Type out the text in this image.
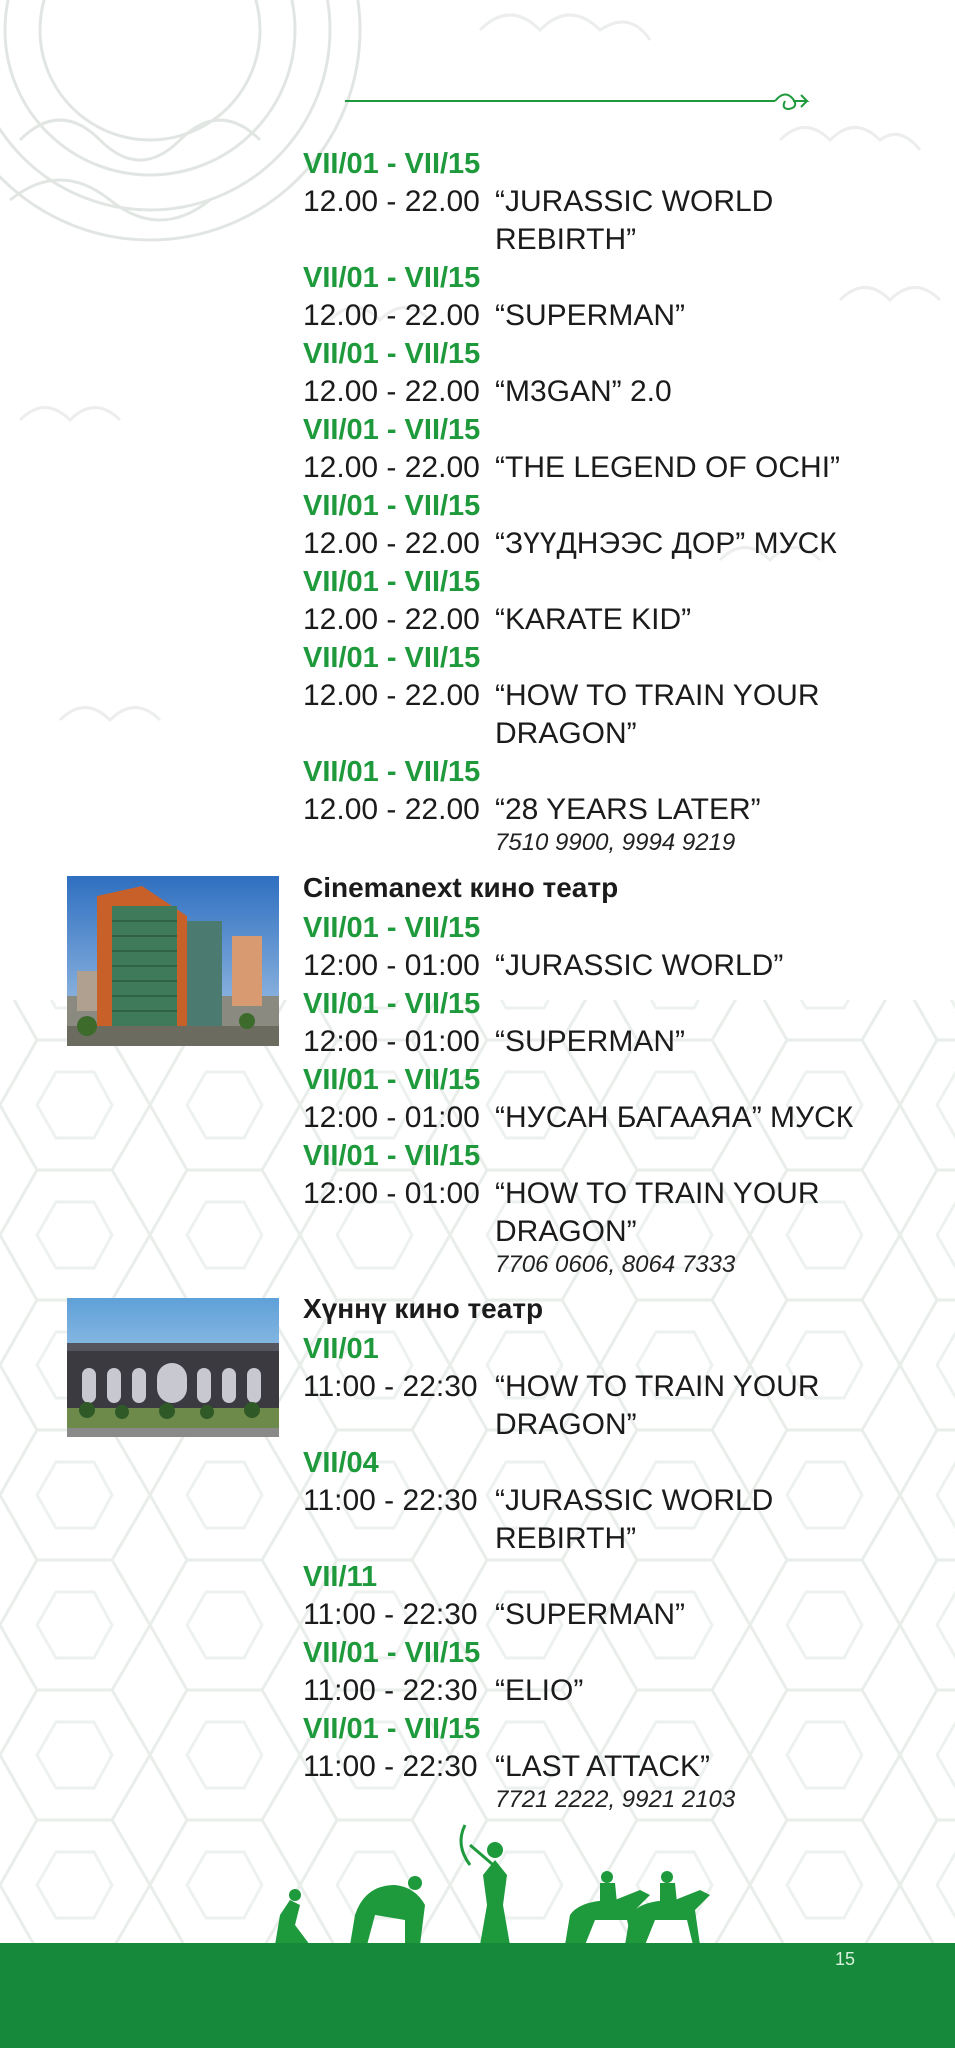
VII/01 - VII/15
12.00 - 22.00 “JURASSIC WORLD
REBIRTH”
VII/01 - VII/15
12.00 - 22.00 “SUPERMAN”
VII/01 - VII/15
12.00 - 22.00 “M3GAN” 2.0
VII/01 - VII/15
12.00 - 22.00 “THE LEGEND OF OCHI”
VII/01 - VII/15
12.00 - 22.00 “ЗҮҮДНЭЭС ДОР” МУСК
VII/01 - VII/15
12.00 - 22.00 “KARATE KID”
VII/01 - VII/15
12.00 - 22.00 “HOW TO TRAIN YOUR
DRAGON”
VII/01 - VII/15
12.00 - 22.00 “28 YEARS LATER”
7510 9900, 9994 9219
Cinemanext кино театр
VII/01 - VII/15
12:00 - 01:00 “JURASSIC WORLD”
VII/01 - VII/15
12:00 - 01:00 “SUPERMAN”
VII/01 - VII/15
12:00 - 01:00 “НУСАН БАГААЯА” МУСК
VII/01 - VII/15
12:00 - 01:00 “HOW TO TRAIN YOUR
DRAGON”
7706 0606, 8064 7333
Хүннү кино театр
VII/01
11:00 - 22:30 “HOW TO TRAIN YOUR
DRAGON”
VII/04
11:00 - 22:30 “JURASSIC WORLD
REBIRTH”
VII/11
11:00 - 22:30 “SUPERMAN”
VII/01 - VII/15
11:00 - 22:30 “ELIO”
VII/01 - VII/15
11:00 - 22:30 “LAST ATTACK”
7721 2222, 9921 2103
15
